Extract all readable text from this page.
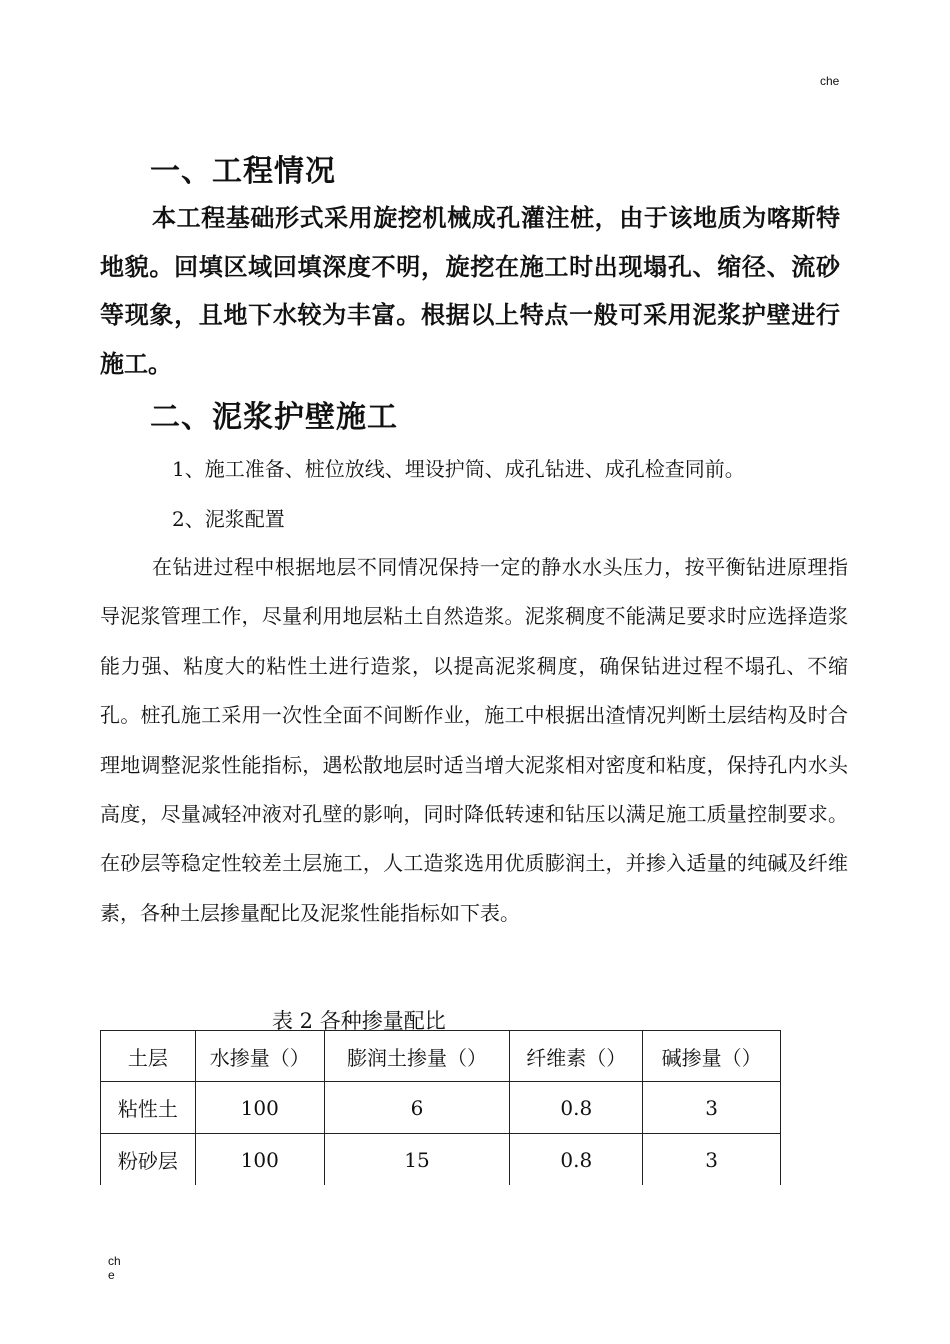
che
一、工程情况

本工程基础形式采用旋挖机械成孔灌注桩，由于该地质为喀斯特地貌。回填区域回填深度不明，旋挖在施工时出现塌孔、缩径、流砂等现象，且地下水较为丰富。根据以上特点一般可采用泥浆护壁进行施工。

二、泥浆护壁施工

1、施工准备、桩位放线、埋设护筒、成孔钻进、成孔检查同前。

2、泥浆配置

在钻进过程中根据地层不同情况保持一定的静水水头压力，按平衡钻进原理指导泥浆管理工作，尽量利用地层粘土自然造浆。泥浆稠度不能满足要求时应选择造浆能力强、粘度大的粘性土进行造浆，以提高泥浆稠度，确保钻进过程不塌孔、不缩孔。桩孔施工采用一次性全面不间断作业，施工中根据出渣情况判断土层结构及时合理地调整泥浆性能指标，遇松散地层时适当增大泥浆相对密度和粘度，保持孔内水头高度，尽量减轻冲液对孔壁的影响，同时降低转速和钻压以满足施工质量控制要求。在砂层等稳定性较差土层施工，人工造浆选用优质膨润土，并掺入适量的纯碱及纤维素，各种土层掺量配比及泥浆性能指标如下表。

表 2 各种掺量配比

土层	水掺量（）	膨润土掺量（）	纤维素（）	碱掺量（）
粘性土	100	6	0.8	3
粉砂层	100	15	0.8	3
che
